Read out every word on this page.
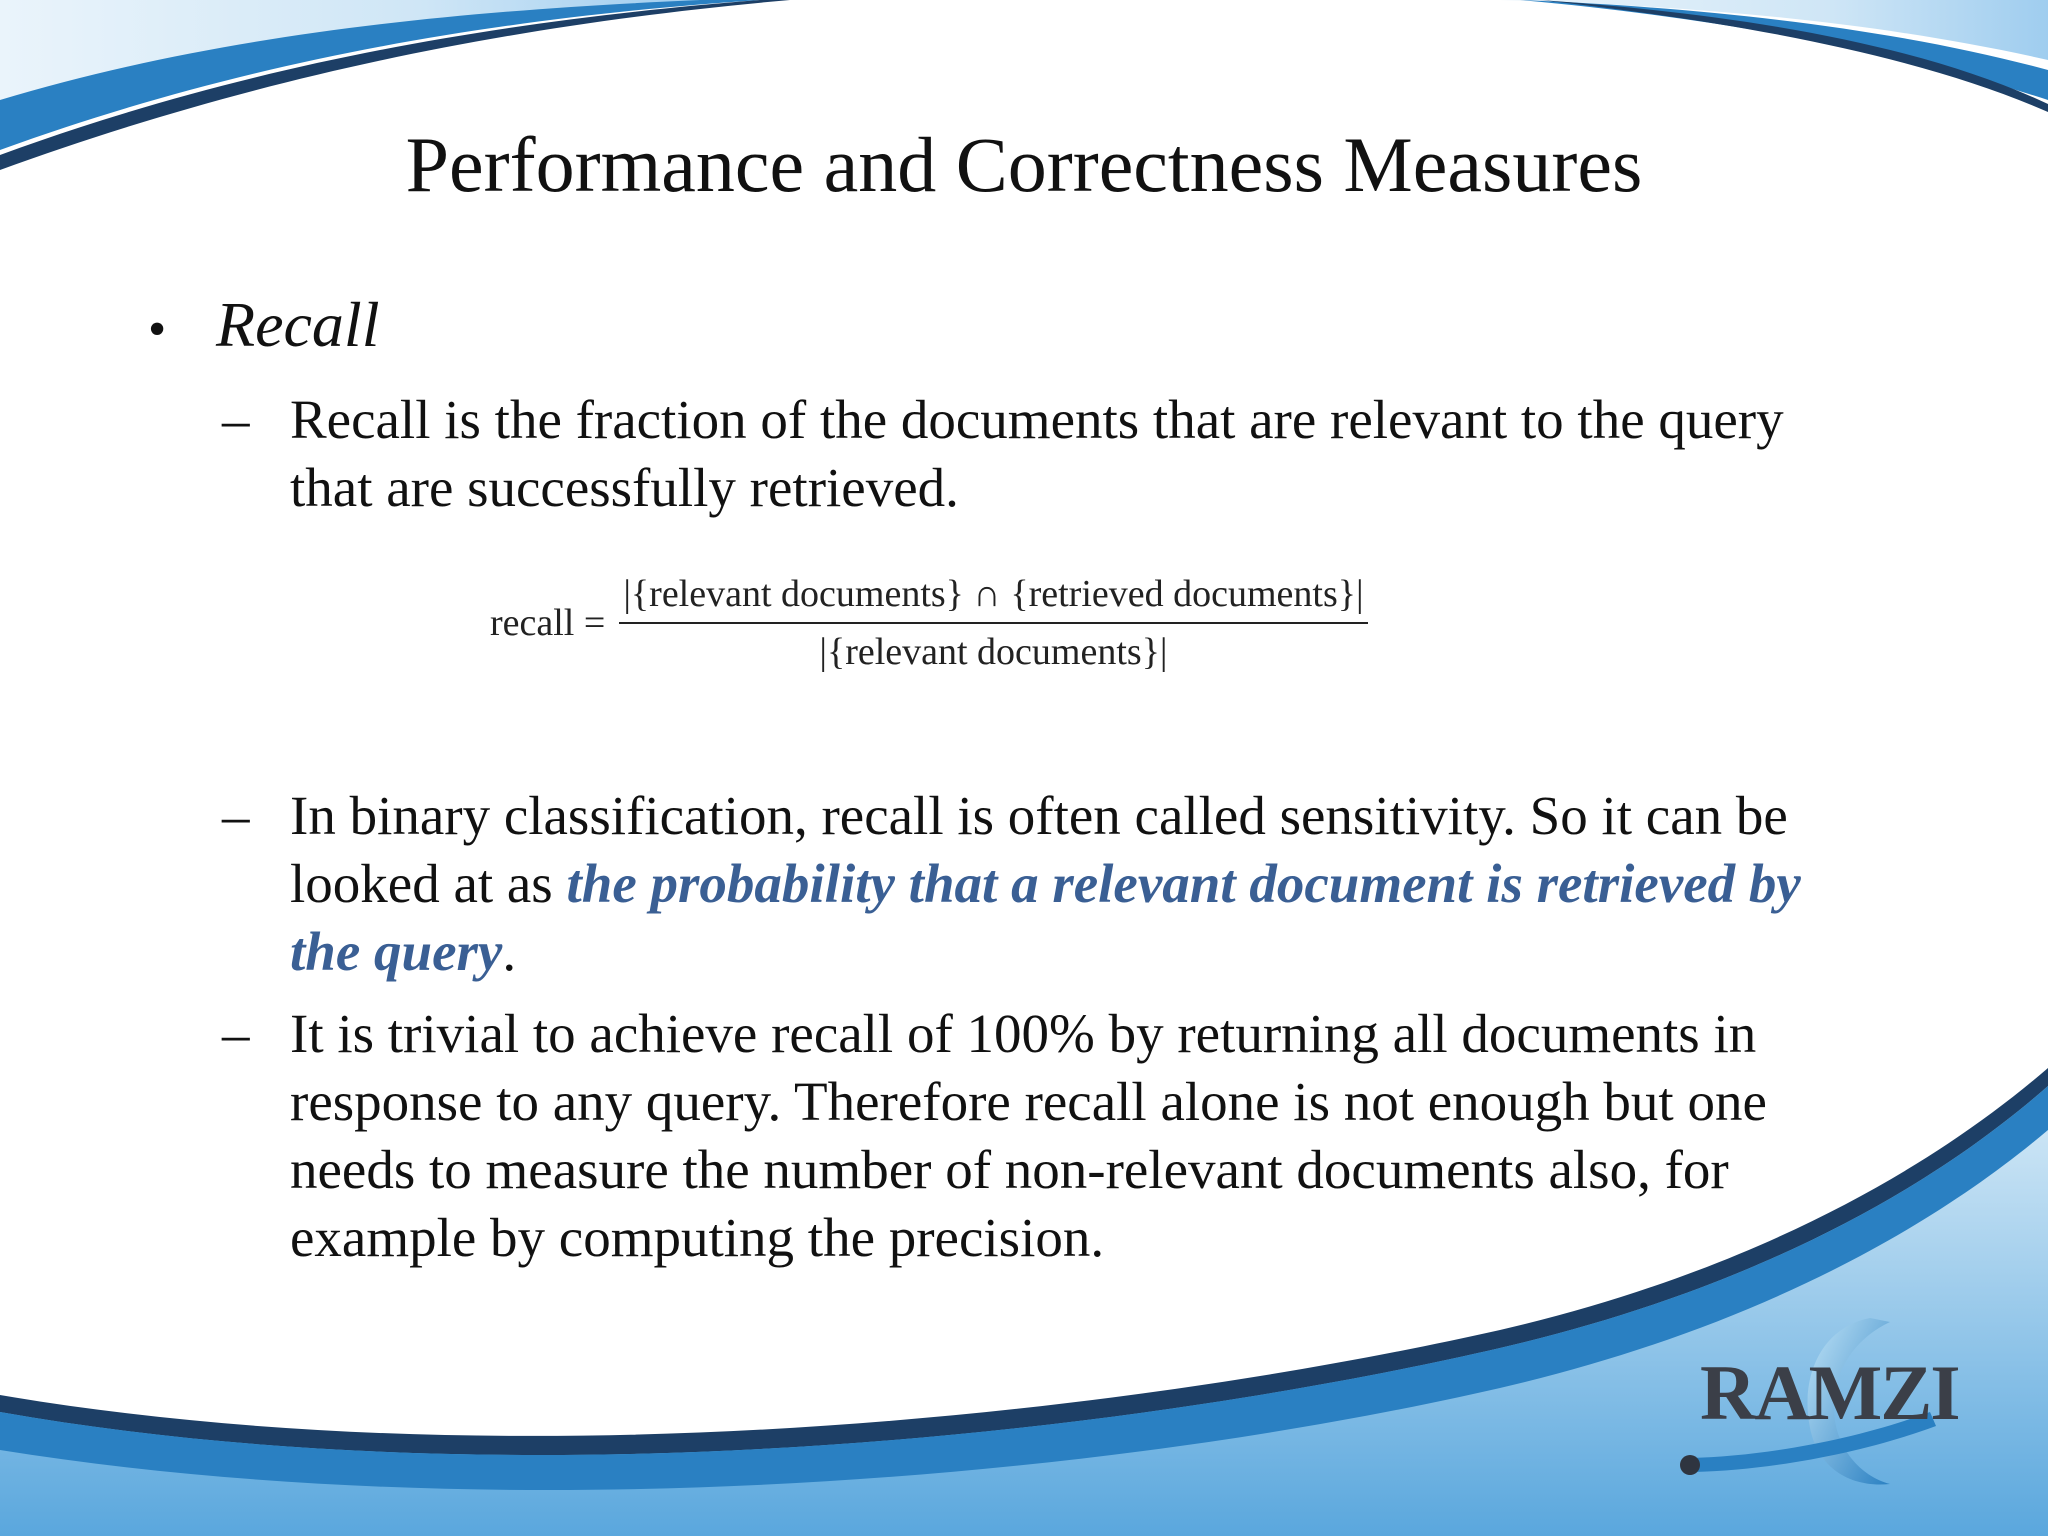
Performance and Correctness Measures
• Recall
– Recall is the fraction of the documents that are relevant to the query that are successfully retrieved.
recall = $\frac{\text{|\{relevant documents\} ∩ \{retrieved documents\}|}}{\text{|\{relevant documents\}|}}$
– In binary classification, recall is often called sensitivity. So it can be looked at as the probability that a relevant document is retrieved by the query.
– It is trivial to achieve recall of 100% by returning all documents in response to any query. Therefore recall alone is not enough but one needs to measure the number of non-relevant documents also, for example by computing the precision.
RAMZI
